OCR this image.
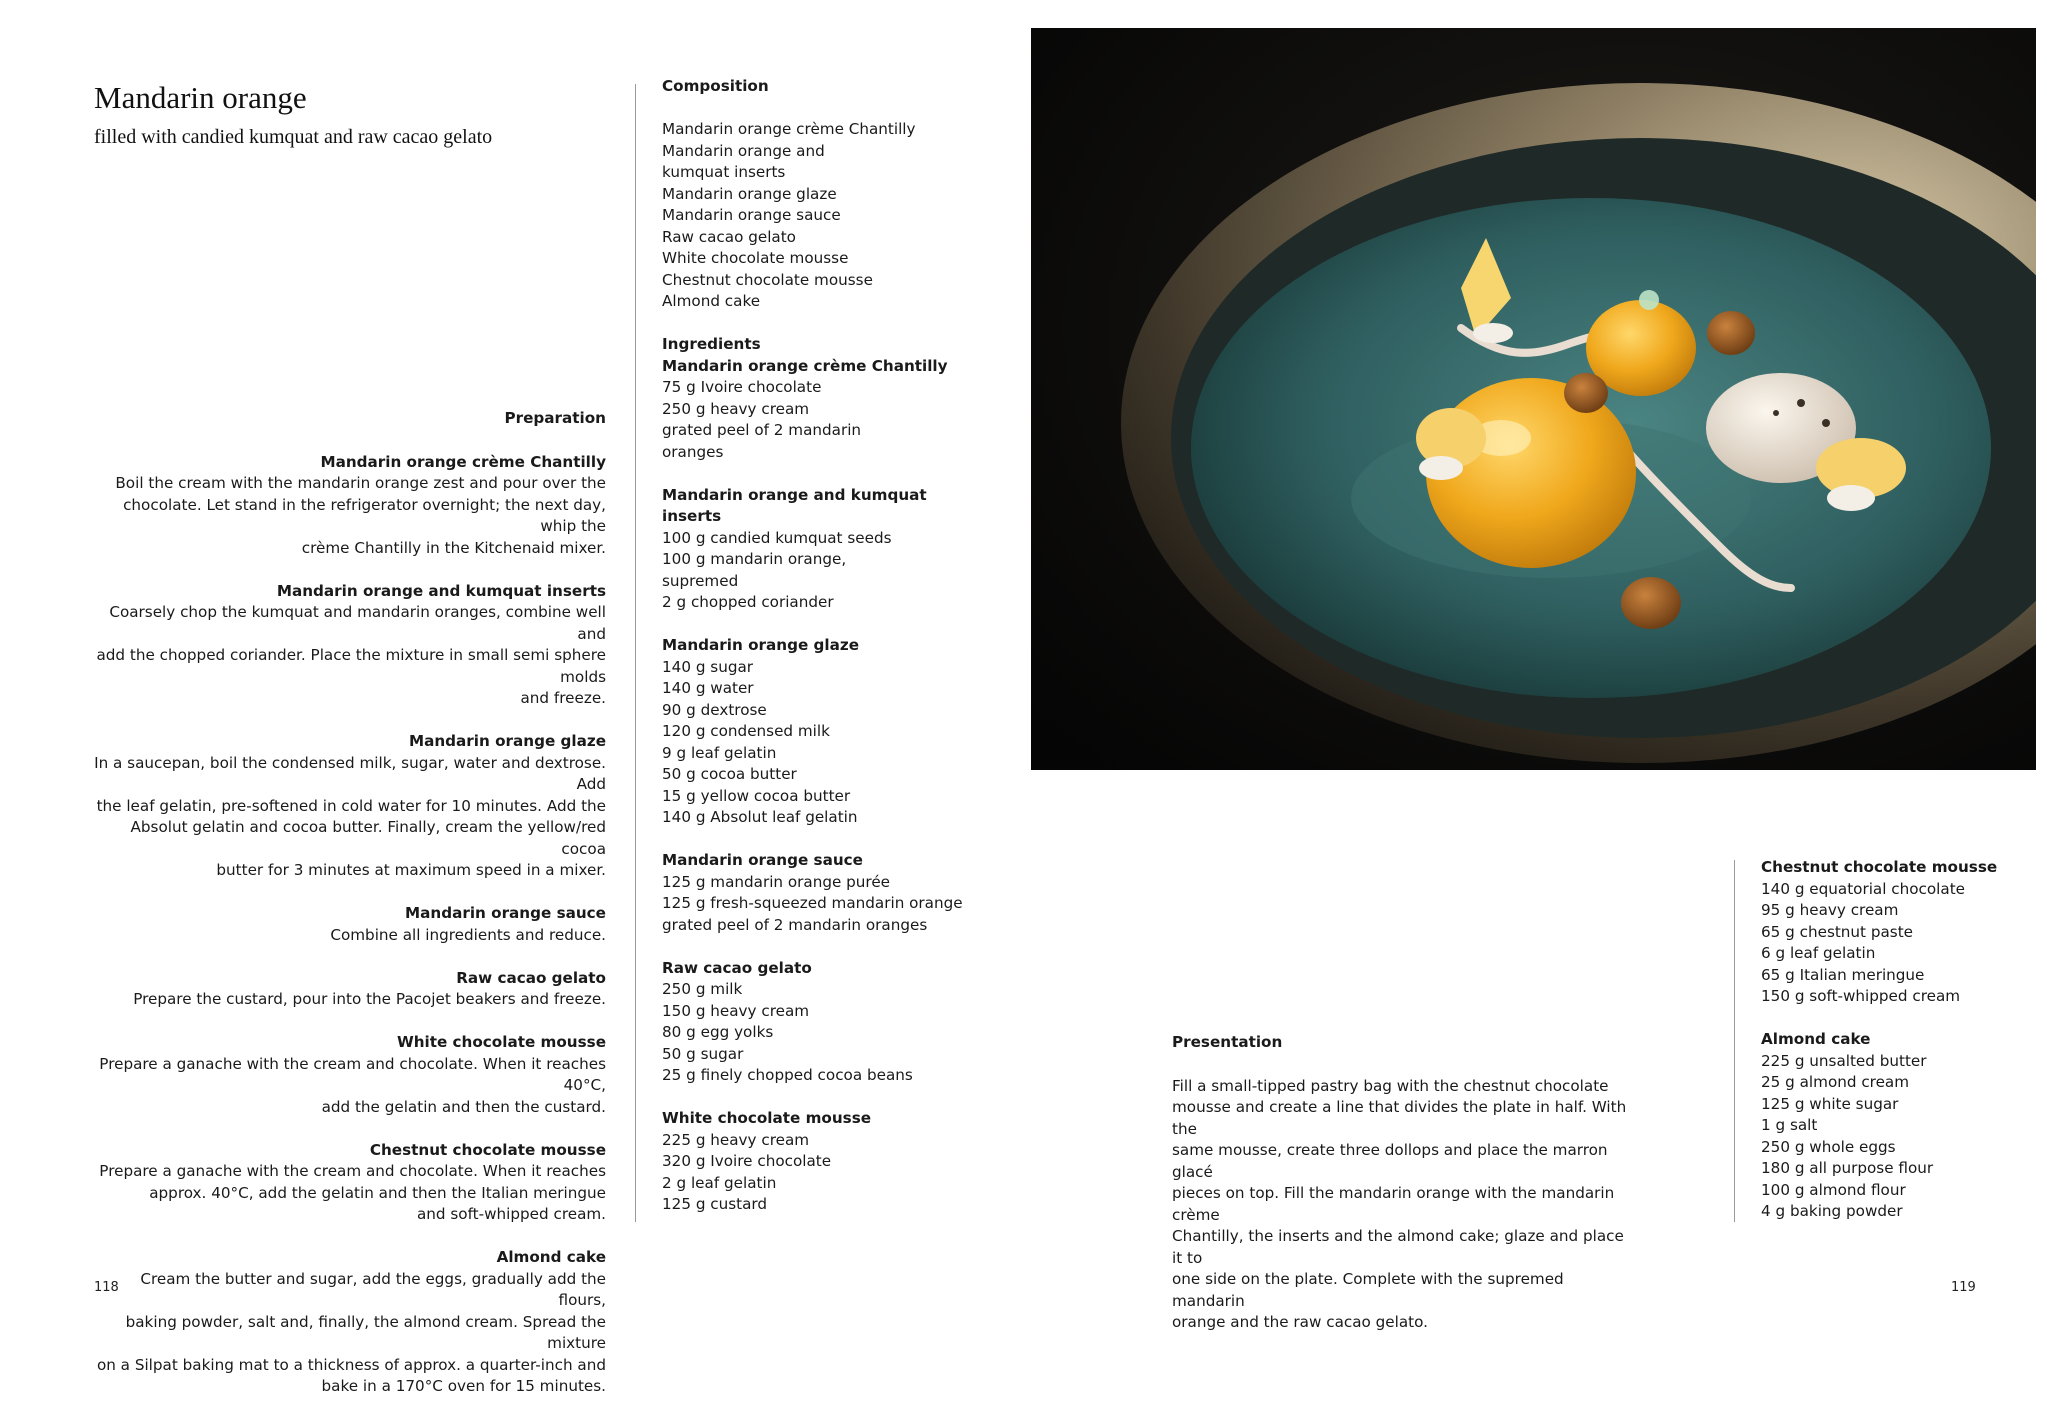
Mandarin orange
filled with candied kumquat and raw cacao gelato
Preparation
Mandarin orange crème Chantilly
Boil the cream with the mandarin orange zest and pour over the
chocolate. Let stand in the refrigerator overnight; the next day, whip the
crème Chantilly in the Kitchenaid mixer.
Mandarin orange and kumquat inserts
Coarsely chop the kumquat and mandarin oranges, combine well and
add the chopped coriander. Place the mixture in small semi sphere molds
and freeze.
Mandarin orange glaze
In a saucepan, boil the condensed milk, sugar, water and dextrose. Add
the leaf gelatin, pre-softened in cold water for 10 minutes. Add the
Absolut gelatin and cocoa butter. Finally, cream the yellow/red cocoa
butter for 3 minutes at maximum speed in a mixer.
Mandarin orange sauce
Combine all ingredients and reduce.
Raw cacao gelato
Prepare the custard, pour into the Pacojet beakers and freeze.
White chocolate mousse
Prepare a ganache with the cream and chocolate. When it reaches 40°C,
add the gelatin and then the custard.
Chestnut chocolate mousse
Prepare a ganache with the cream and chocolate. When it reaches
approx. 40°C, add the gelatin and then the Italian meringue
and soft-whipped cream.
Almond cake
Cream the butter and sugar, add the eggs, gradually add the flours,
baking powder, salt and, finally, the almond cream. Spread the mixture
on a Silpat baking mat to a thickness of approx. a quarter-inch and
bake in a 170°C oven for 15 minutes.
Composition
Mandarin orange crème Chantilly
Mandarin orange and
kumquat inserts
Mandarin orange glaze
Mandarin orange sauce
Raw cacao gelato
White chocolate mousse
Chestnut chocolate mousse
Almond cake
Ingredients
Mandarin orange crème Chantilly
75 g Ivoire chocolate
250 g heavy cream
grated peel of 2 mandarin
oranges
Mandarin orange and kumquat
inserts
100 g candied kumquat seeds
100 g mandarin orange,
supremed
2 g chopped coriander
Mandarin orange glaze
140 g sugar
140 g water
90 g dextrose
120 g condensed milk
9 g leaf gelatin
50 g cocoa butter
15 g yellow cocoa butter
140 g Absolut leaf gelatin
Mandarin orange sauce
125 g mandarin orange purée
125 g fresh-squeezed mandarin orange
grated peel of 2 mandarin oranges
Raw cacao gelato
250 g milk
150 g heavy cream
80 g egg yolks
50 g sugar
25 g finely chopped cocoa beans
White chocolate mousse
225 g heavy cream
320 g Ivoire chocolate
2 g leaf gelatin
125 g custard
Presentation
Fill a small-tipped pastry bag with the chestnut chocolate
mousse and create a line that divides the plate in half. With the
same mousse, create three dollops and place the marron glacé
pieces on top. Fill the mandarin orange with the mandarin crème
Chantilly, the inserts and the almond cake; glaze and place it to
one side on the plate. Complete with the supremed mandarin
orange and the raw cacao gelato.
Chestnut chocolate mousse
140 g equatorial chocolate
95 g heavy cream
65 g chestnut paste
6 g leaf gelatin
65 g Italian meringue
150 g soft-whipped cream
Almond cake
225 g unsalted butter
25 g almond cream
125 g white sugar
1 g salt
250 g whole eggs
180 g all purpose flour
100 g almond flour
4 g baking powder
118	119
